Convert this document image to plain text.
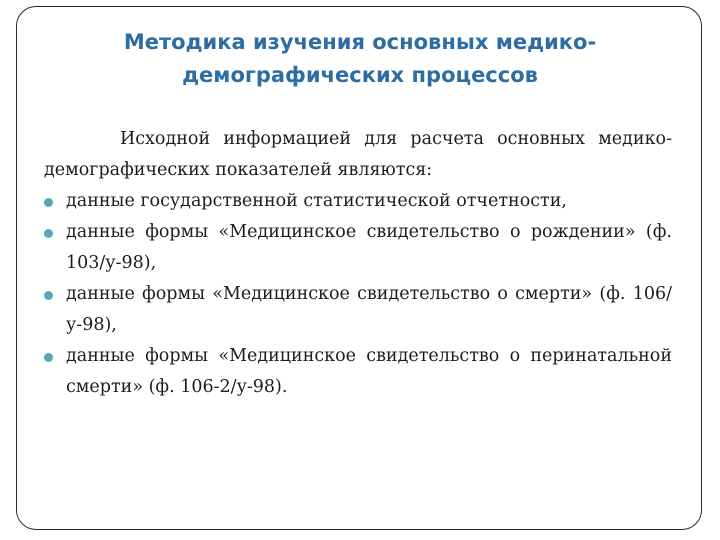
Методика изучения основных медико-демографических процессов

Исходной информацией для расчета основных медико-демографических показателей являются:

данные государственной статистической отчетности,
данные формы «Медицинское свидетельство о рождении» (ф. 103/у-98),
данные формы «Медицинское свидетельство о смерти» (ф. 106/у-98),
данные формы «Медицинское свидетельство о перинатальной смерти» (ф. 106-2/у-98).
